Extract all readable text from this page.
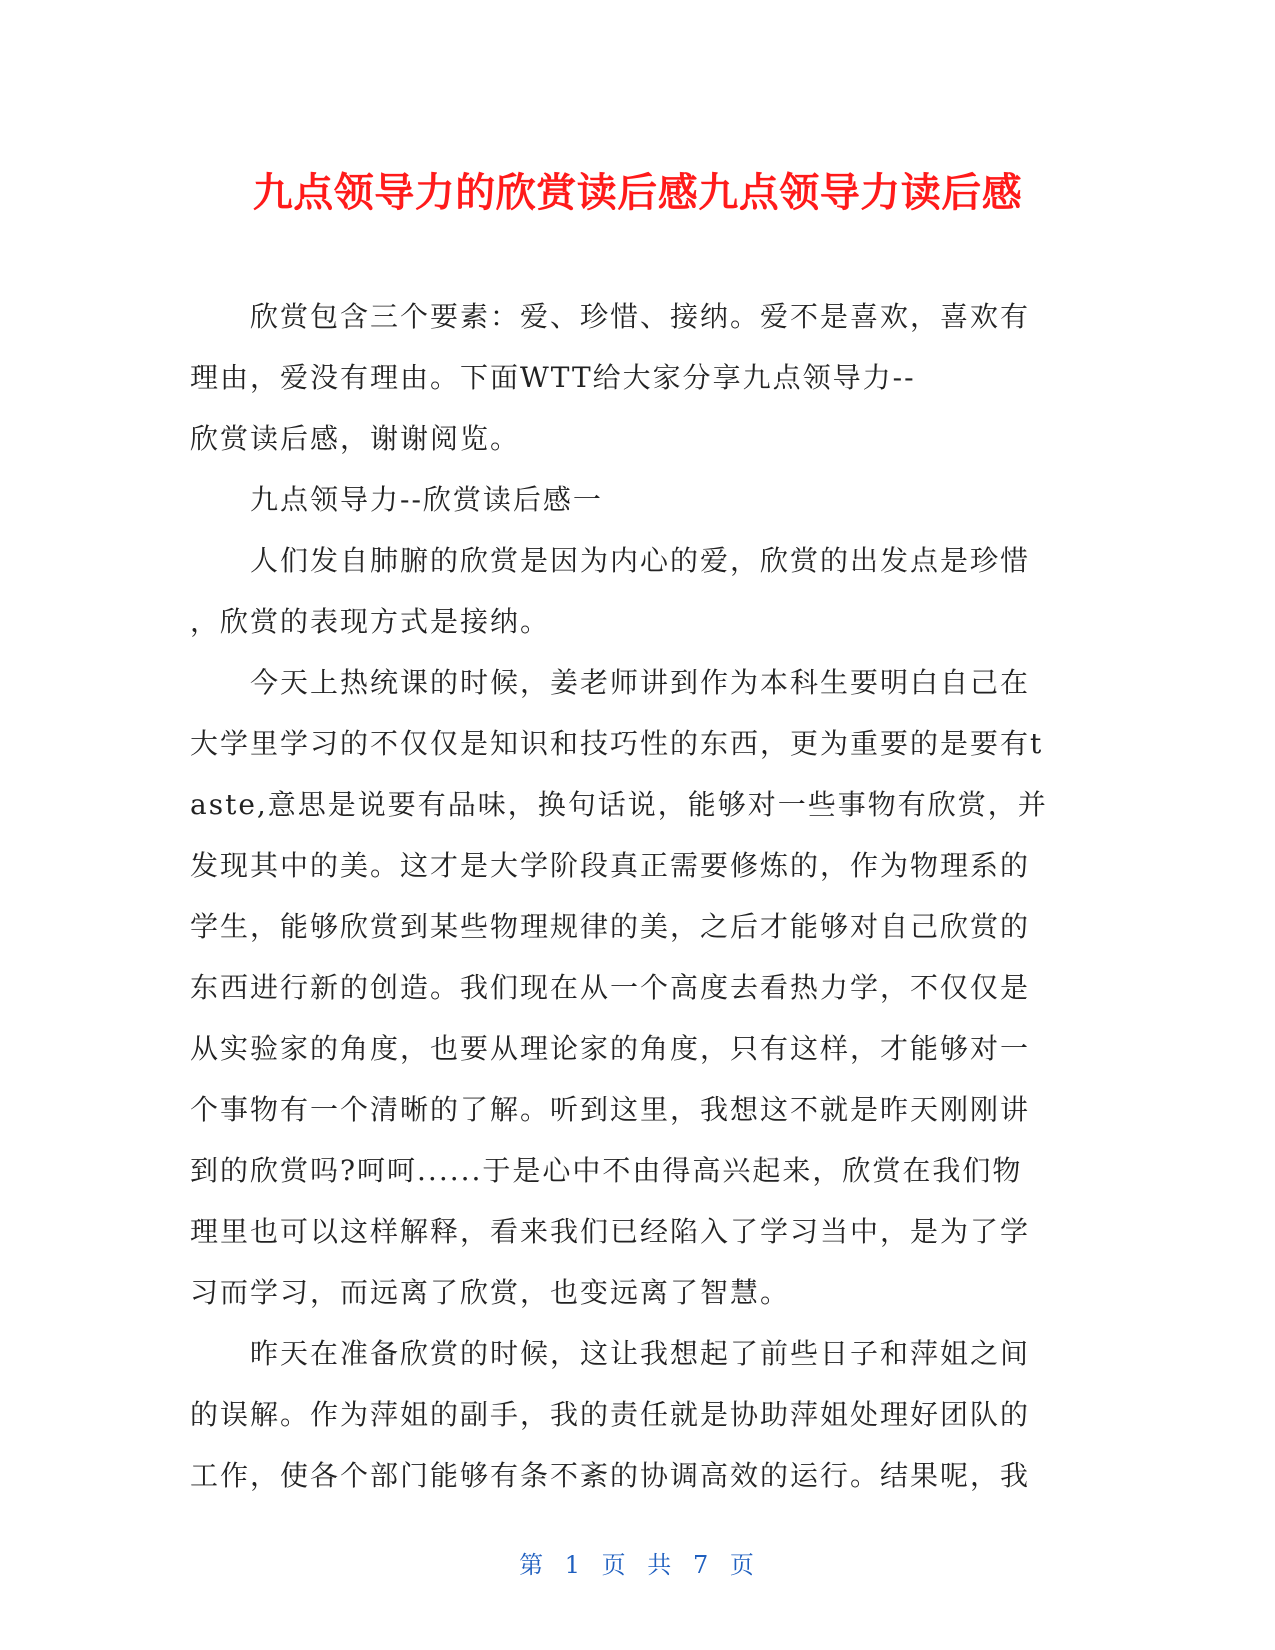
九点领导力的欣赏读后感九点领导力读后感

欣赏包含三个要素：爱、珍惜、接纳。爱不是喜欢，喜欢有

理由，爱没有理由。下面WTT给大家分享九点领导力--

欣赏读后感，谢谢阅览。

九点领导力--欣赏读后感一

人们发自肺腑的欣赏是因为内心的爱，欣赏的出发点是珍惜

，欣赏的表现方式是接纳。

今天上热统课的时候，姜老师讲到作为本科生要明白自己在

大学里学习的不仅仅是知识和技巧性的东西，更为重要的是要有t

aste,意思是说要有品味，换句话说，能够对一些事物有欣赏，并

发现其中的美。这才是大学阶段真正需要修炼的，作为物理系的

学生，能够欣赏到某些物理规律的美，之后才能够对自己欣赏的

东西进行新的创造。我们现在从一个高度去看热力学，不仅仅是

从实验家的角度，也要从理论家的角度，只有这样，才能够对一

个事物有一个清晰的了解。听到这里，我想这不就是昨天刚刚讲

到的欣赏吗?呵呵......于是心中不由得高兴起来，欣赏在我们物

理里也可以这样解释，看来我们已经陷入了学习当中，是为了学

习而学习，而远离了欣赏，也变远离了智慧。

昨天在准备欣赏的时候，这让我想起了前些日子和萍姐之间

的误解。作为萍姐的副手，我的责任就是协助萍姐处理好团队的

工作，使各个部门能够有条不紊的协调高效的运行。结果呢，我

第 1 页 共 7 页
